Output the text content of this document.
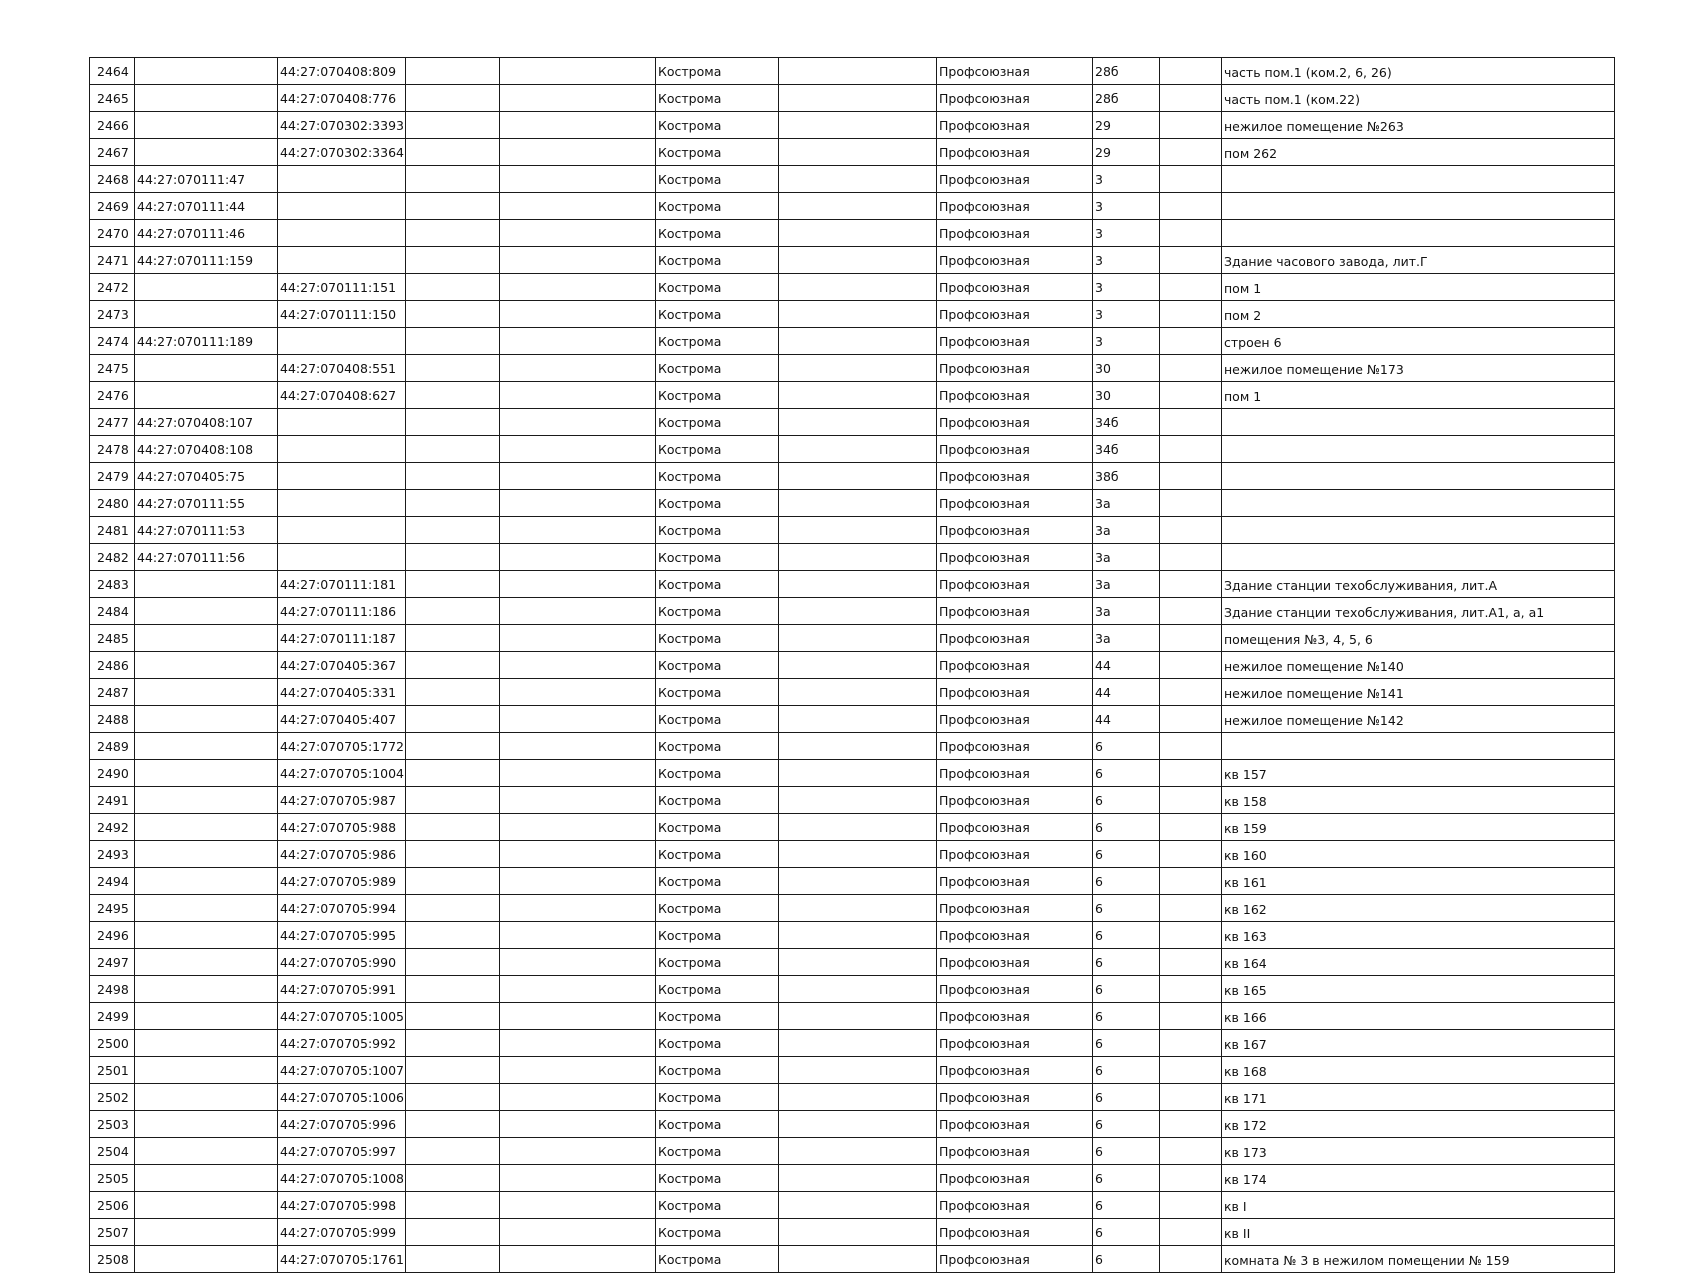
2464		44:27:070408:809			Кострома		Профсоюзная	28б		часть пом.1 (ком.2, 6, 26)
2465		44:27:070408:776			Кострома		Профсоюзная	28б		часть пом.1 (ком.22)
2466		44:27:070302:3393			Кострома		Профсоюзная	29		нежилое помещение №263
2467		44:27:070302:3364			Кострома		Профсоюзная	29		пом 262
2468	44:27:070111:47				Кострома		Профсоюзная	3		
2469	44:27:070111:44				Кострома		Профсоюзная	3		
2470	44:27:070111:46				Кострома		Профсоюзная	3		
2471	44:27:070111:159				Кострома		Профсоюзная	3		Здание часового завода, лит.Г
2472		44:27:070111:151			Кострома		Профсоюзная	3		пом 1
2473		44:27:070111:150			Кострома		Профсоюзная	3		пом 2
2474	44:27:070111:189				Кострома		Профсоюзная	3		строен 6
2475		44:27:070408:551			Кострома		Профсоюзная	30		нежилое помещение №173
2476		44:27:070408:627			Кострома		Профсоюзная	30		пом 1
2477	44:27:070408:107				Кострома		Профсоюзная	34б		
2478	44:27:070408:108				Кострома		Профсоюзная	34б		
2479	44:27:070405:75				Кострома		Профсоюзная	38б		
2480	44:27:070111:55				Кострома		Профсоюзная	3а		
2481	44:27:070111:53				Кострома		Профсоюзная	3а		
2482	44:27:070111:56				Кострома		Профсоюзная	3а		
2483		44:27:070111:181			Кострома		Профсоюзная	3а		Здание станции техобслуживания, лит.А
2484		44:27:070111:186			Кострома		Профсоюзная	3а		Здание станции техобслуживания, лит.А1, а, а1
2485		44:27:070111:187			Кострома		Профсоюзная	3а		помещения №3, 4, 5, 6
2486		44:27:070405:367			Кострома		Профсоюзная	44		нежилое помещение №140
2487		44:27:070405:331			Кострома		Профсоюзная	44		нежилое помещение №141
2488		44:27:070405:407			Кострома		Профсоюзная	44		нежилое помещение №142
2489		44:27:070705:1772			Кострома		Профсоюзная	6		
2490		44:27:070705:1004			Кострома		Профсоюзная	6		кв 157
2491		44:27:070705:987			Кострома		Профсоюзная	6		кв 158
2492		44:27:070705:988			Кострома		Профсоюзная	6		кв 159
2493		44:27:070705:986			Кострома		Профсоюзная	6		кв 160
2494		44:27:070705:989			Кострома		Профсоюзная	6		кв 161
2495		44:27:070705:994			Кострома		Профсоюзная	6		кв 162
2496		44:27:070705:995			Кострома		Профсоюзная	6		кв 163
2497		44:27:070705:990			Кострома		Профсоюзная	6		кв 164
2498		44:27:070705:991			Кострома		Профсоюзная	6		кв 165
2499		44:27:070705:1005			Кострома		Профсоюзная	6		кв 166
2500		44:27:070705:992			Кострома		Профсоюзная	6		кв 167
2501		44:27:070705:1007			Кострома		Профсоюзная	6		кв 168
2502		44:27:070705:1006			Кострома		Профсоюзная	6		кв 171
2503		44:27:070705:996			Кострома		Профсоюзная	6		кв 172
2504		44:27:070705:997			Кострома		Профсоюзная	6		кв 173
2505		44:27:070705:1008			Кострома		Профсоюзная	6		кв 174
2506		44:27:070705:998			Кострома		Профсоюзная	6		кв I
2507		44:27:070705:999			Кострома		Профсоюзная	6		кв II
2508		44:27:070705:1761			Кострома		Профсоюзная	6		комната № 3 в нежилом помещении № 159
